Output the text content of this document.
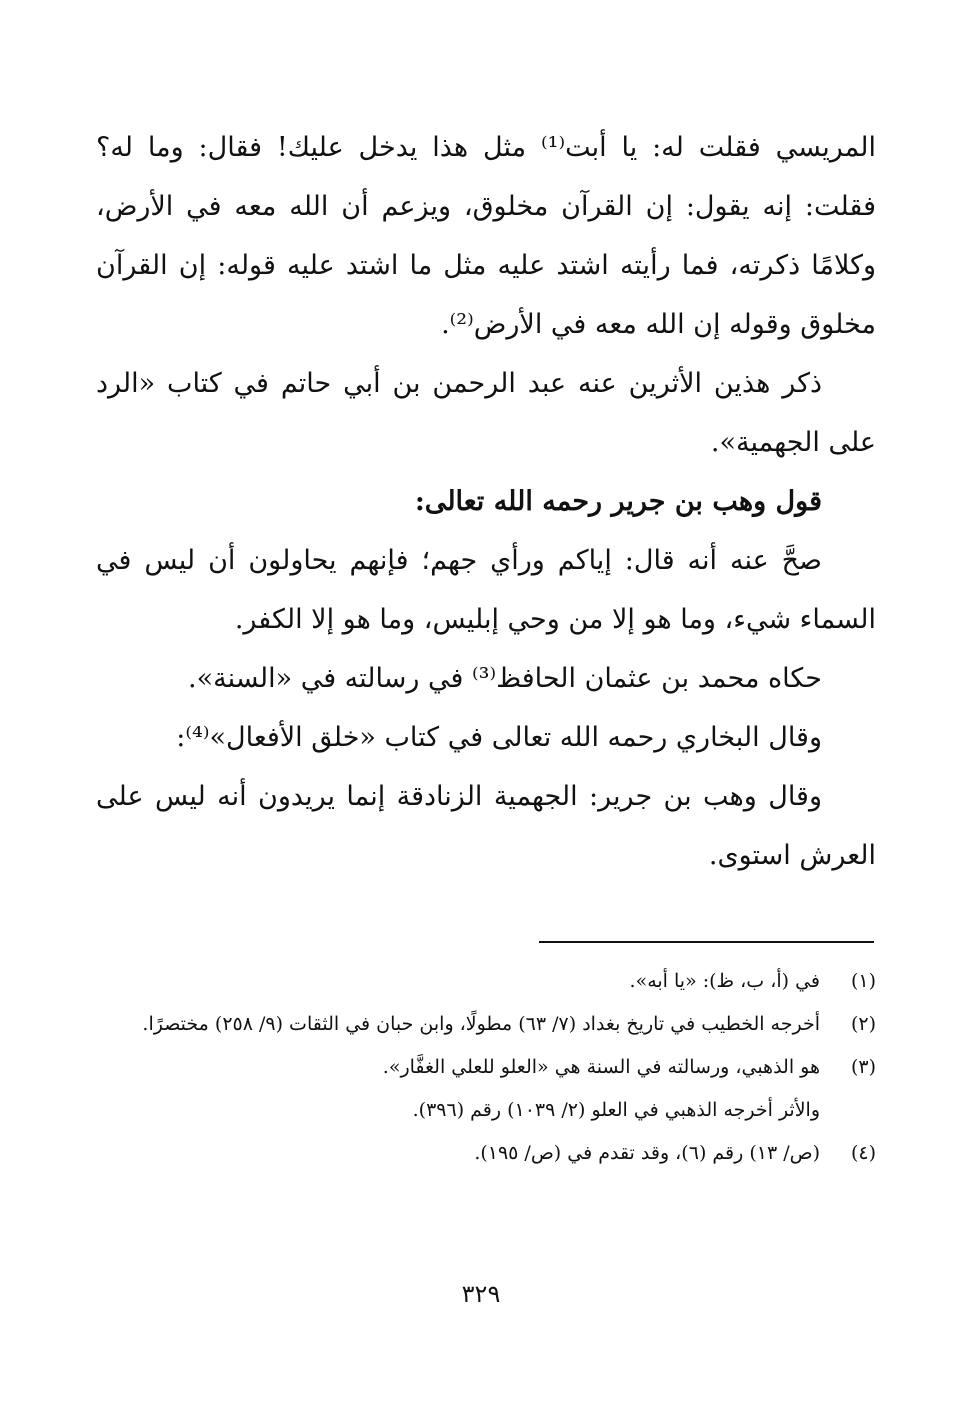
المريسي فقلت له: يا أبت⁽¹⁾ مثل هذا يدخل عليك! فقال: وما له؟ فقلت: إنه يقول: إن القرآن مخلوق، ويزعم أن الله معه في الأرض، وكلامًا ذكرته، فما رأيته اشتد عليه مثل ما اشتد عليه قوله: إن القرآن مخلوق وقوله إن الله معه في الأرض⁽²⁾.

ذكر هذين الأثرين عنه عبد الرحمن بن أبي حاتم في كتاب «الرد على الجهمية».

قول وهب بن جرير رحمه الله تعالى:

صحَّ عنه أنه قال: إياكم ورأي جهم؛ فإنهم يحاولون أن ليس في السماء شيء، وما هو إلا من وحي إبليس، وما هو إلا الكفر.

حكاه محمد بن عثمان الحافظ⁽³⁾ في رسالته في «السنة».

وقال البخاري رحمه الله تعالى في كتاب «خلق الأفعال»⁽⁴⁾:

وقال وهب بن جرير: الجهمية الزنادقة إنما يريدون أنه ليس على العرش استوى.

(١)
في (أ، ب، ظ): «يا أبه».
(٢)
أخرجه الخطيب في تاريخ بغداد (٧/ ٦٣) مطولًا، وابن حبان في الثقات (٩/ ٢٥٨) مختصرًا.
(٣)
هو الذهبي، ورسالته في السنة هي «العلو للعلي الغفَّار».
والأثر أخرجه الذهبي في العلو (٢/ ١٠٣٩) رقم (٣٩٦).
(٤)
(ص/ ١٣) رقم (٦)، وقد تقدم في (ص/ ١٩٥).
٣٢٩
